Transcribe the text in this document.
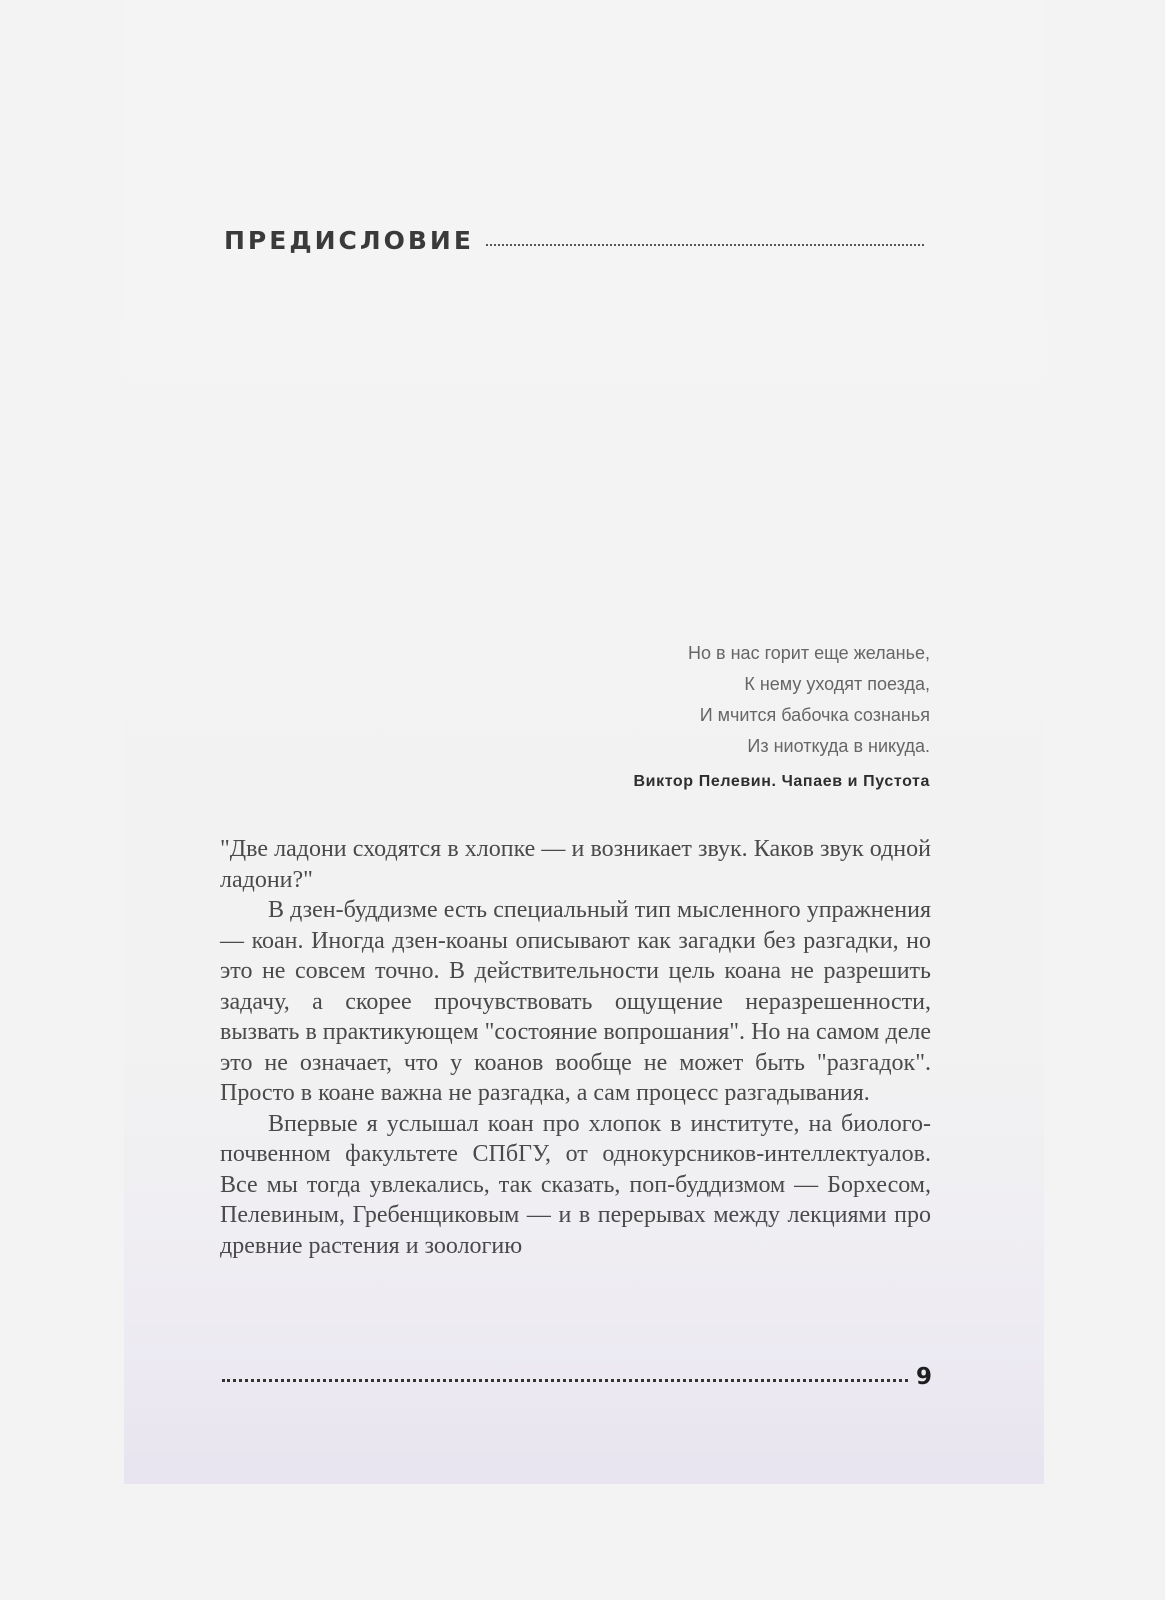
ПРЕДИСЛОВИЕ
Но в нас горит еще желанье,
К нему уходят поезда,
И мчится бабочка сознанья
Из ниоткуда в никуда.
Виктор Пелевин. Чапаев и Пустота

"Две ладони сходятся в хлопке — и возникает звук. Каков звук одной ладони?"

В дзен-буддизме есть специальный тип мысленного упражнения — коан. Иногда дзен-коаны описывают как загадки без разгадки, но это не совсем точно. В действительности цель коана не разрешить задачу, а скорее прочувствовать ощущение неразрешенности, вызвать в практикующем "состояние вопрошания". Но на самом деле это не означает, что у коанов вообще не может быть "разгадок". Просто в коане важна не разгадка, а сам процесс разгадывания.

Впервые я услышал коан про хлопок в институте, на биолого-почвенном факультете СПбГУ, от однокурсников-интеллектуалов. Все мы тогда увлекались, так сказать, поп-буддизмом — Борхесом, Пелевиным, Гребенщиковым — и в перерывах между лекциями про древние растения и зоологию

9
